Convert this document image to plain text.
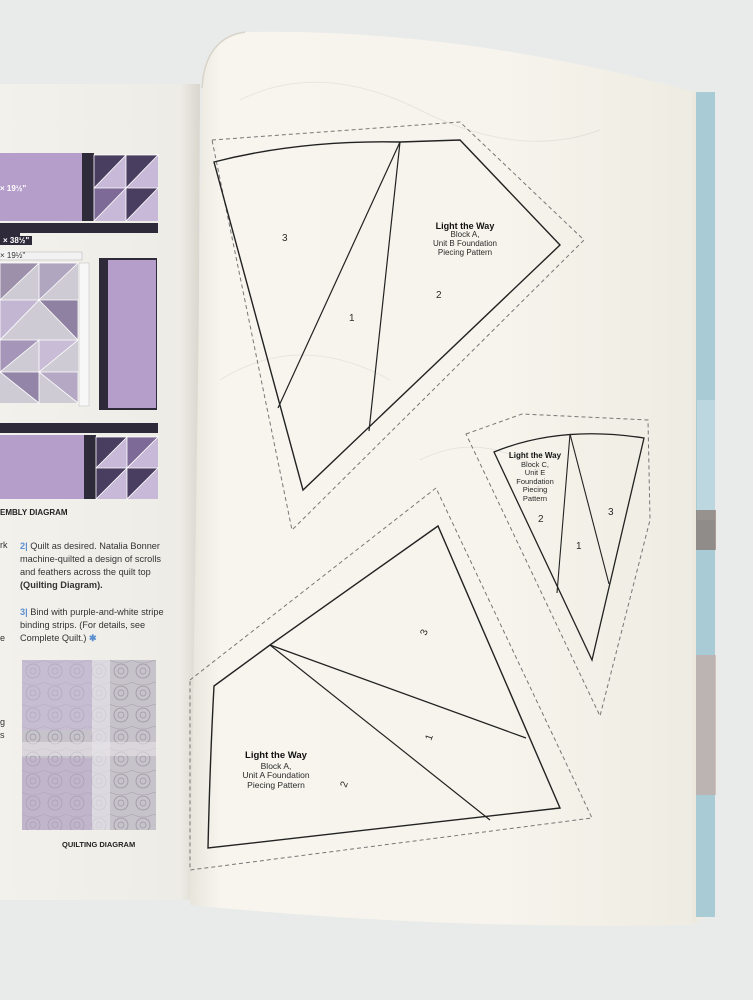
× 19½"
× 38½"
× 19½"
EMBLY DIAGRAM
rk
e
g
s
2| Quilt as desired. Natalia Bonner
machine-quilted a design of scrolls
and feathers across the quilt top
(Quilting Diagram).
3| Bind with purple-and-white stripe
binding strips. (For details, see
Complete Quilt.) ✱
QUILTING DIAGRAM
Light the Way
Block A,
Unit B Foundation
Piecing Pattern
3
2
1
Light the Way
Block C,
Unit E
Foundation
Piecing
Pattern
2
3
1
Light the Way
Block A,
Unit A Foundation
Piecing Pattern
3
1
2
